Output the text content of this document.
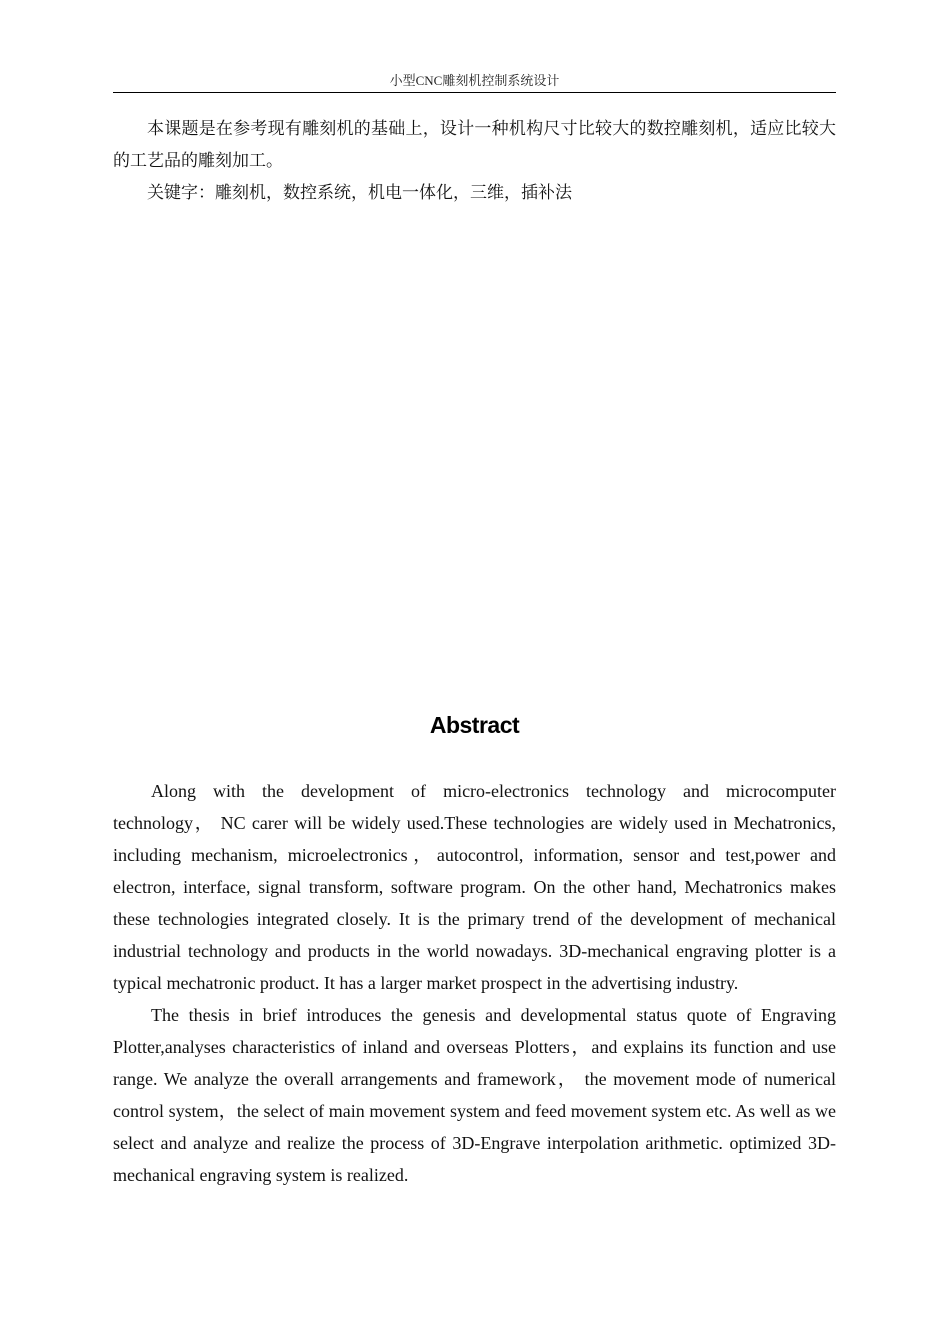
小型CNC雕刻机控制系统设计

本课题是在参考现有雕刻机的基础上，设计一种机构尺寸比较大的数控雕刻机，适应比较大的工艺品的雕刻加工。

关键字：雕刻机，数控系统，机电一体化，三维，插补法

Abstract

Along with the development of micro-electronics technology and microcomputer technology， NC carer will be widely used.These technologies are widely used in Mechatronics, including mechanism, microelectronics，autocontrol, information, sensor and test,power and electron, interface, signal transform, software program. On the other hand, Mechatronics makes these technologies integrated closely. It is the primary trend of the development of mechanical industrial technology and products in the world nowadays. 3D-mechanical engraving plotter is a typical mechatronic product. It has a larger market prospect in the advertising industry.

The thesis in brief introduces the genesis and developmental status quote of Engraving Plotter,analyses characteristics of inland and overseas Plotters，and explains its function and use range. We analyze the overall arrangements and framework， the movement mode of numerical control system，the select of main movement system and feed movement system etc. As well as we select and analyze and realize the process of 3D-Engrave interpolation arithmetic. optimized 3D-mechanical engraving system is realized.
